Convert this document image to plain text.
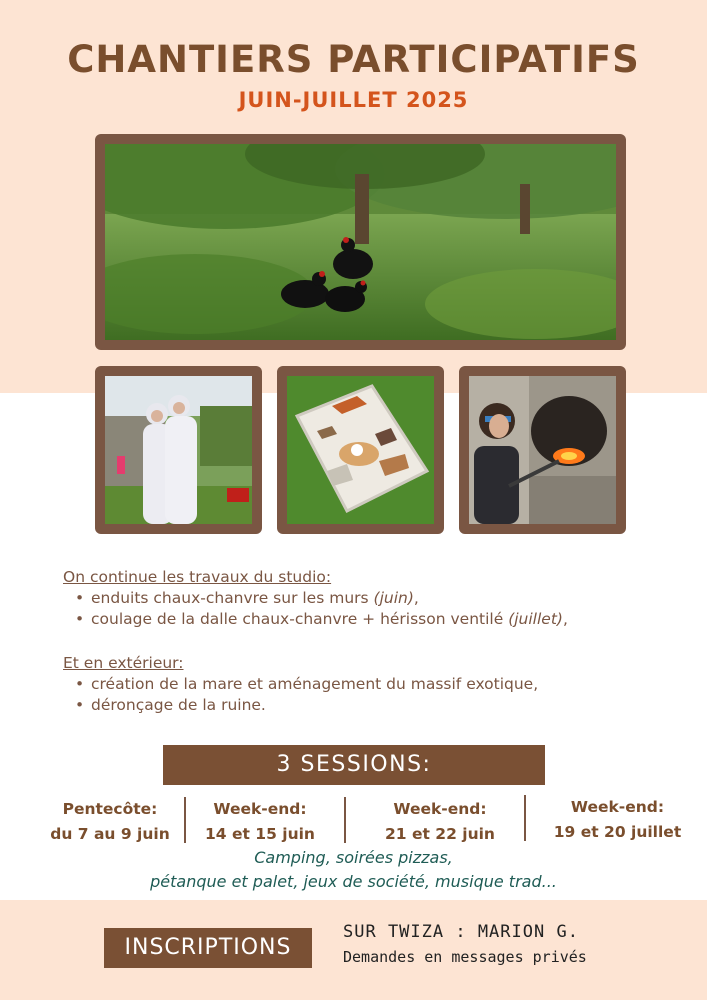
CHANTIERS PARTICIPATIFS
JUIN-JUILLET 2025

On continue les travaux du studio:

• enduits chaux-chanvre sur les murs (juin),
• coulage de la dalle chaux-chanvre + hérisson ventilé (juillet),

Et en extérieur:

• création de la mare et aménagement du massif exotique,
• déronçage de la ruine.
3 SESSIONS:
Pentecôte:
du 7 au 9 juin
Week-end:
14 et 15 juin
Week-end:
21 et 22 juin
Week-end:
19 et 20 juillet
Camping, soirées pizzas,
pétanque et palet, jeux de société, musique trad...
INSCRIPTIONS
SUR TWIZA : MARION G.
Demandes en messages privés
